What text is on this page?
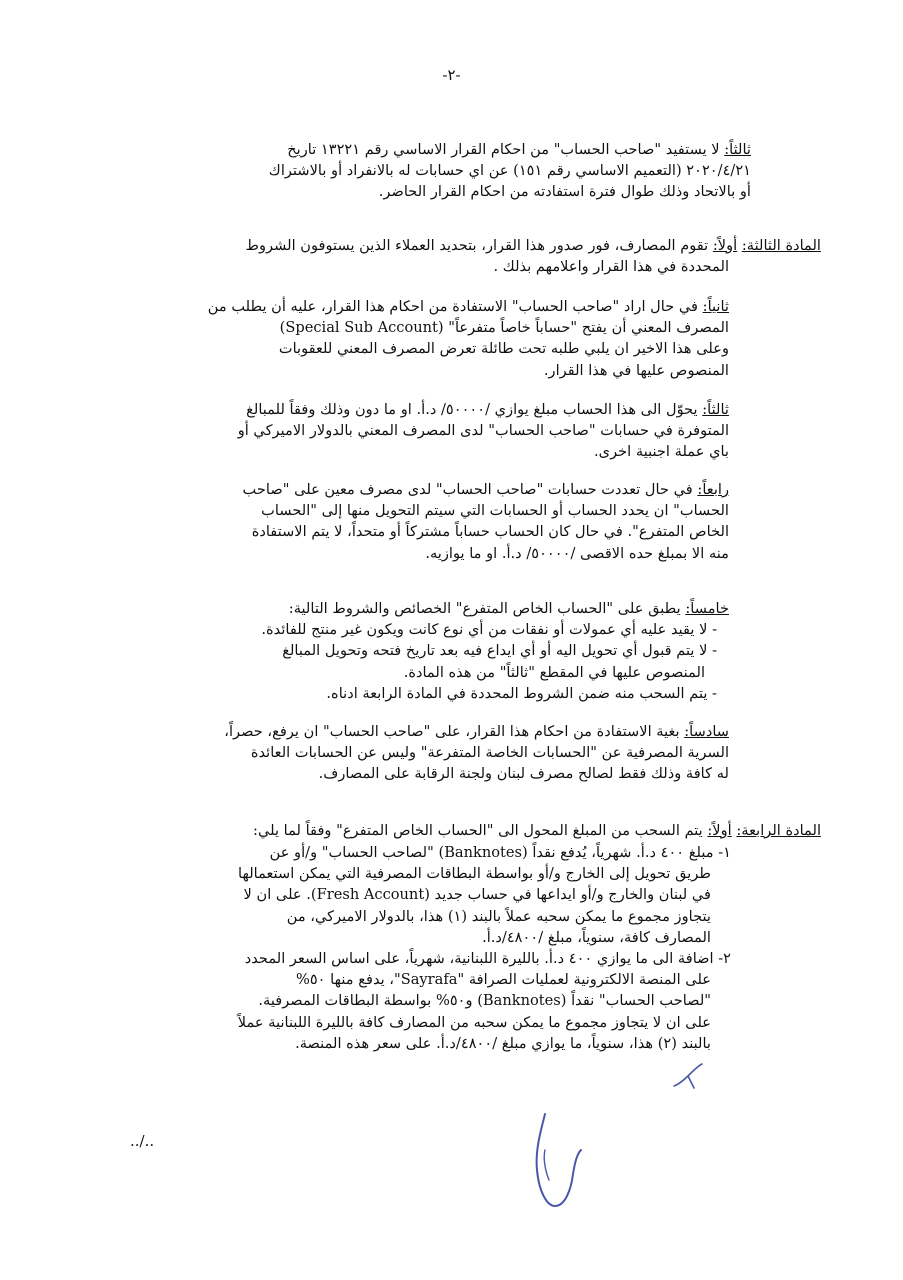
-٢-
ثالثاً: لا يستفيد "صاحب الحساب" من احكام القرار الاساسي رقم ١٣٢٢١ تاريخ
٢٠٢٠/٤/٢١ (التعميم الاساسي رقم ١٥١) عن اي حسابات له بالانفراد أو بالاشتراك
أو بالاتحاد وذلك طوال فترة استفادته من احكام القرار الحاضر.
المادة الثالثة: أولاً: تقوم المصارف، فور صدور هذا القرار، بتحديد العملاء الذين يستوفون الشروط
المحددة في هذا القرار واعلامهم بذلك .
ثانياً: في حال اراد "صاحب الحساب" الاستفادة من احكام هذا القرار، عليه أن يطلب من
المصرف المعني أن يفتح "حساباً خاصاً متفرعاً" (Special Sub Account)
وعلى هذا الاخير ان يلبي طلبه تحت طائلة تعرض المصرف المعني للعقوبات
المنصوص عليها في هذا القرار.
ثالثاً: يحوّل الى هذا الحساب مبلغ يوازي /٥٠٠٠٠/ د.أ. او ما دون وذلك وفقاً للمبالغ
المتوفرة في حسابات "صاحب الحساب" لدى المصرف المعني بالدولار الاميركي أو
باي عملة اجنبية اخرى.
رابعاً: في حال تعددت حسابات "صاحب الحساب" لدى مصرف معين على "صاحب
الحساب" ان يحدد الحساب أو الحسابات التي سيتم التحويل منها إلى "الحساب
الخاص المتفرع". في حال كان الحساب حساباً مشتركاً أو متحداً، لا يتم الاستفادة
منه الا بمبلغ حده الاقصى /٥٠٠٠٠/ د.أ. او ما يوازيه.
خامساً: يطبق على "الحساب الخاص المتفرع" الخصائص والشروط التالية:
- لا يقيد عليه أي عمولات أو نفقات من أي نوع كانت ويكون غير منتج للفائدة.
- لا يتم قبول أي تحويل اليه أو أي ايداع فيه بعد تاريخ فتحه وتحويل المبالغ
المنصوص عليها في المقطع "ثالثاً" من هذه المادة.
- يتم السحب منه ضمن الشروط المحددة في المادة الرابعة ادناه.
سادساً: بغية الاستفادة من احكام هذا القرار، على "صاحب الحساب" ان يرفع، حصراً،
السرية المصرفية عن "الحسابات الخاصة المتفرعة" وليس عن الحسابات العائدة
له كافة وذلك فقط لصالح مصرف لبنان ولجنة الرقابة على المصارف.
المادة الرابعة: أولاً: يتم السحب من المبلغ المحول الى "الحساب الخاص المتفرع" وفقاً لما يلي:
١- مبلغ ٤٠٠ د.أ. شهرياً، يُدفع نقداً (Banknotes) "لصاحب الحساب" و/أو عن
طريق تحويل إلى الخارج و/أو بواسطة البطاقات المصرفية التي يمكن استعمالها
في لبنان والخارج و/أو ايداعها في حساب جديد (Fresh Account). على ان لا
يتجاوز مجموع ما يمكن سحبه عملاً بالبند (١) هذا، بالدولار الاميركي، من
المصارف كافة، سنوياً، مبلغ /٤٨٠٠/د.أ.
٢- اضافة الى ما يوازي ٤٠٠ د.أ. بالليرة اللبنانية، شهرياً، على اساس السعر المحدد
على المنصة الالكترونية لعمليات الصرافة "Sayrafa"، يدفع منها ٥٠%
"لصاحب الحساب" نقداً (Banknotes) و٥٠% بواسطة البطاقات المصرفية.
على ان لا يتجاوز مجموع ما يمكن سحبه من المصارف كافة بالليرة اللبنانية عملاً
بالبند (٢) هذا، سنوياً، ما يوازي مبلغ /٤٨٠٠/د.أ. على سعر هذه المنصة.
../..
